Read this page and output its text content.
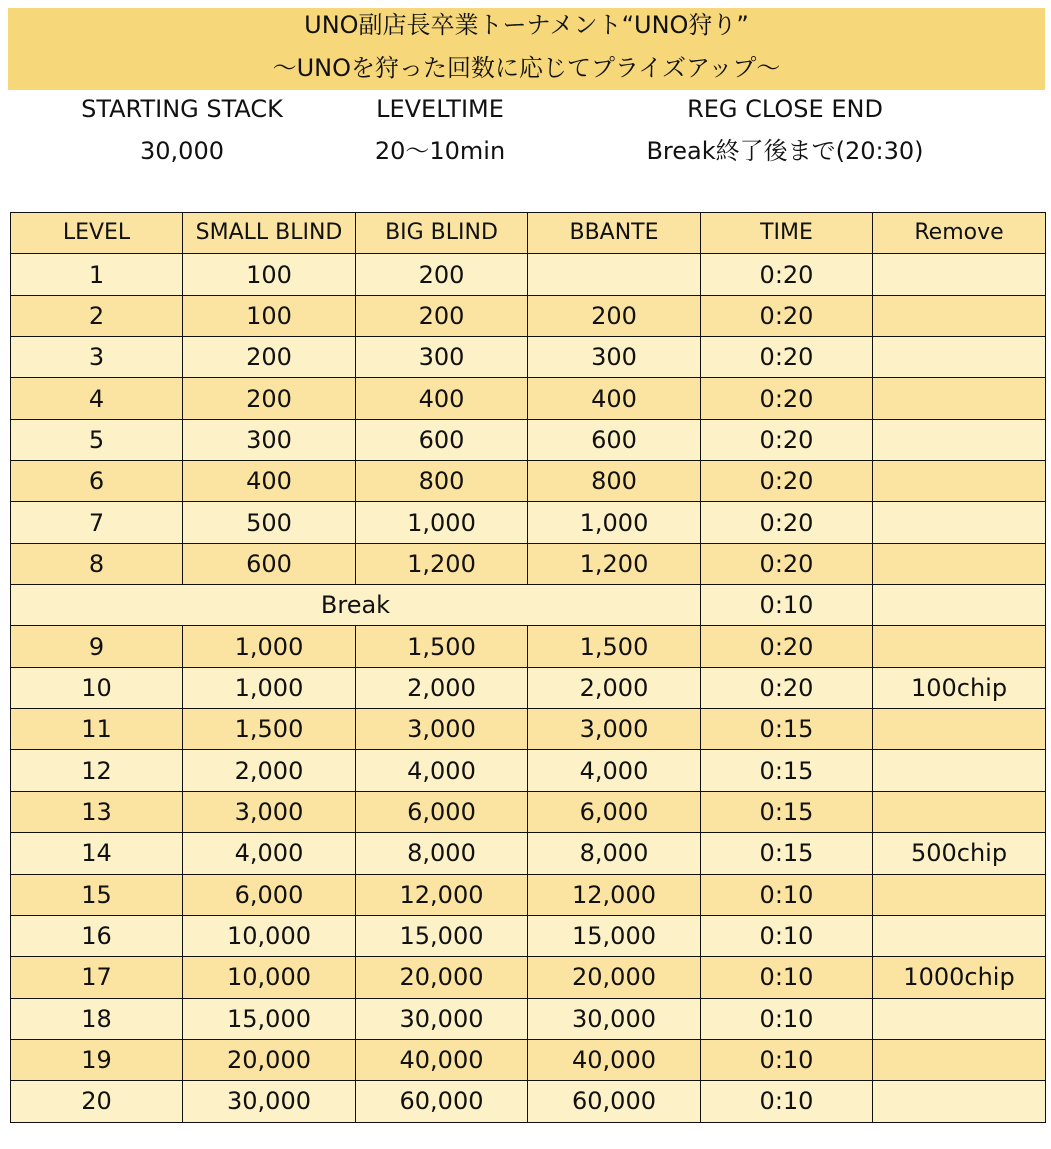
UNO副店長卒業トーナメント“UNO狩り”
〜UNOを狩った回数に応じてプライズアップ〜
STARTING STACK
30,000
LEVELTIME
20〜10min
REG CLOSE END
Break終了後まで(20:30)
LEVEL	SMALL BLIND	BIG BLIND	BBANTE	TIME	Remove
1	100	200		0:20	
2	100	200	200	0:20	
3	200	300	300	0:20	
4	200	400	400	0:20	
5	300	600	600	0:20	
6	400	800	800	0:20	
7	500	1,000	1,000	0:20	
8	600	1,200	1,200	0:20	
Break				0:10	
9	1,000	1,500	1,500	0:20	
10	1,000	2,000	2,000	0:20	100chip
11	1,500	3,000	3,000	0:15	
12	2,000	4,000	4,000	0:15	
13	3,000	6,000	6,000	0:15	
14	4,000	8,000	8,000	0:15	500chip
15	6,000	12,000	12,000	0:10	
16	10,000	15,000	15,000	0:10	
17	10,000	20,000	20,000	0:10	1000chip
18	15,000	30,000	30,000	0:10	
19	20,000	40,000	40,000	0:10	
20	30,000	60,000	60,000	0:10	
